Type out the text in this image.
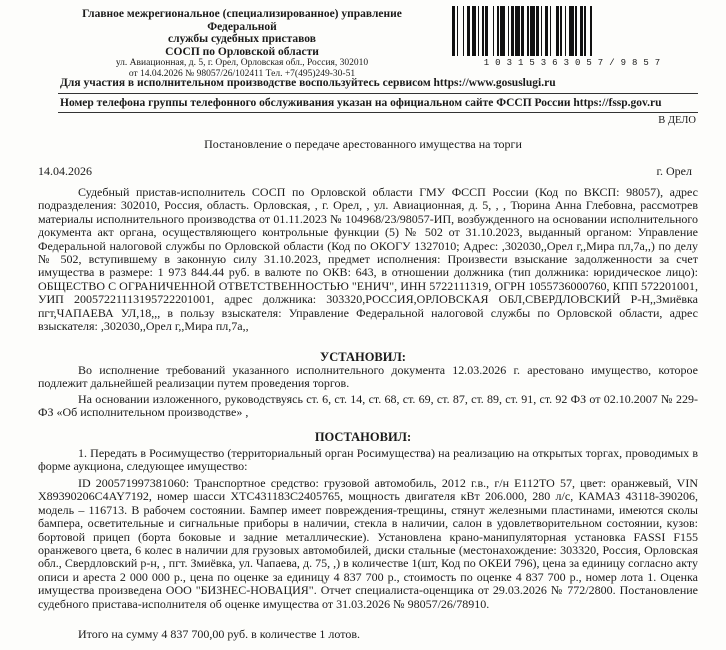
Главное межрегиональное (специализированное) управление Федеральной
службы судебных приставов
СОСП по Орловской области
ул. Авиационная, д. 5, г. Орел, Орловская обл., Россия, 302010
от 14.04.2026 № 98057/26/102411 Тел. +7(495)249-30-51
10315363057/9857
Для участия в исполнительном производстве воспользуйтесь сервисом https://www.gosuslugi.ru
Номер телефона группы телефонного обслуживания указан на официальном сайте ФССП России https://fssp.gov.ru
В ДЕЛО
Постановление о передаче арестованного имущества на торги
14.04.2026	г. Орел
Судебный пристав-исполнитель СОСП по Орловской области ГМУ ФССП России (Код по ВКСП: 98057), адрес подразделения: 302010, Россия, область. Орловская, , г. Орел, , ул. Авиационная, д. 5, , , Тюрина Анна Глебовна, рассмотрев материалы исполнительного производства от 01.11.2023 № 104968/23/98057-ИП, возбужденного на основании исполнительного документа акт органа, осуществляющего контрольные функции (5) № 502 от 31.10.2023, выданный органом: Управление Федеральной налоговой службы по Орловской области (Код по ОКОГУ 1327010; Адрес: ,302030,,Орел г,,Мира пл,7а,,) по делу № 502, вступившему в законную силу 31.10.2023, предмет исполнения: Произвести взыскание задолженности за счет имущества в размере: 1 973 844.44 руб. в валюте по ОКВ: 643, в отношении должника (тип должника: юридическое лицо): ОБЩЕСТВО С ОГРАНИЧЕННОЙ ОТВЕТСТВЕННОСТЬЮ "ЕНИЧ", ИНН 5722111319, ОГРН 1055736000760, КПП 572201001, УИП 20057221113195722201001, адрес должника: 303320,РОССИЯ,ОРЛОВСКАЯ ОБЛ,СВЕРДЛОВСКИЙ Р-Н,,Змиёвка пгт,ЧАПАЕВА УЛ,18,,, в пользу взыскателя: Управление Федеральной налоговой службы по Орловской области, адрес взыскателя: ,302030,,Орел г,,Мира пл,7а,,
УСТАНОВИЛ:
Во исполнение требований указанного исполнительного документа 12.03.2026 г. арестовано имущество, которое подлежит дальнейшей реализации путем проведения торгов.
На основании изложенного, руководствуясь ст. 6, ст. 14, ст. 68, ст. 69, ст. 87, ст. 89, ст. 91, ст. 92 ФЗ от 02.10.2007 № 229-ФЗ «Об исполнительном производстве» ,
ПОСТАНОВИЛ:
1. Передать в Росимущество (территориальный орган Росимущества) на реализацию на открытых торгах, проводимых в форме аукциона, следующее имущество:
ID 200571997381060: Транспортное средство: грузовой автомобиль, 2012 г.в., г/н Е112ТО 57, цвет: оранжевый, VIN X89390206C4AY7192, номер шасси XTC431183C2405765, мощность двигателя кВт 206.000, 280 л/с, КАМАЗ 43118-390206, модель – 116713. В рабочем состоянии. Бампер имеет повреждения-трещины, стянут железными пластинами, имеются сколы бампера, осветительные и сигнальные приборы в наличии, стекла в наличии, салон в удовлетворительном состоянии, кузов: бортовой прицеп (борта боковые и задние металлические). Установлена крано-манипуляторная установка FASSI F155 оранжевого цвета, 6 колес в наличии для грузовых автомобилей, диски стальные (местонахождение: 303320, Россия, Орловская обл., Свердловский р-н, , пгт. Змиёвка, ул. Чапаева, д. 75, ,) в количестве 1(шт, Код по ОКЕИ 796), цена за единицу согласно акту описи и ареста 2 000 000 р., цена по оценке за единицу 4 837 700 р., стоимость по оценке 4 837 700 р., номер лота 1. Оценка имущества произведена ООО "БИЗНЕС-НОВАЦИЯ". Отчет специалиста-оценщика от 29.03.2026 № 772/2800. Постановление судебного пристава-исполнителя об оценке имущества от 31.03.2026 № 98057/26/78910.
Итого на сумму 4 837 700,00 руб. в количестве 1 лотов.
